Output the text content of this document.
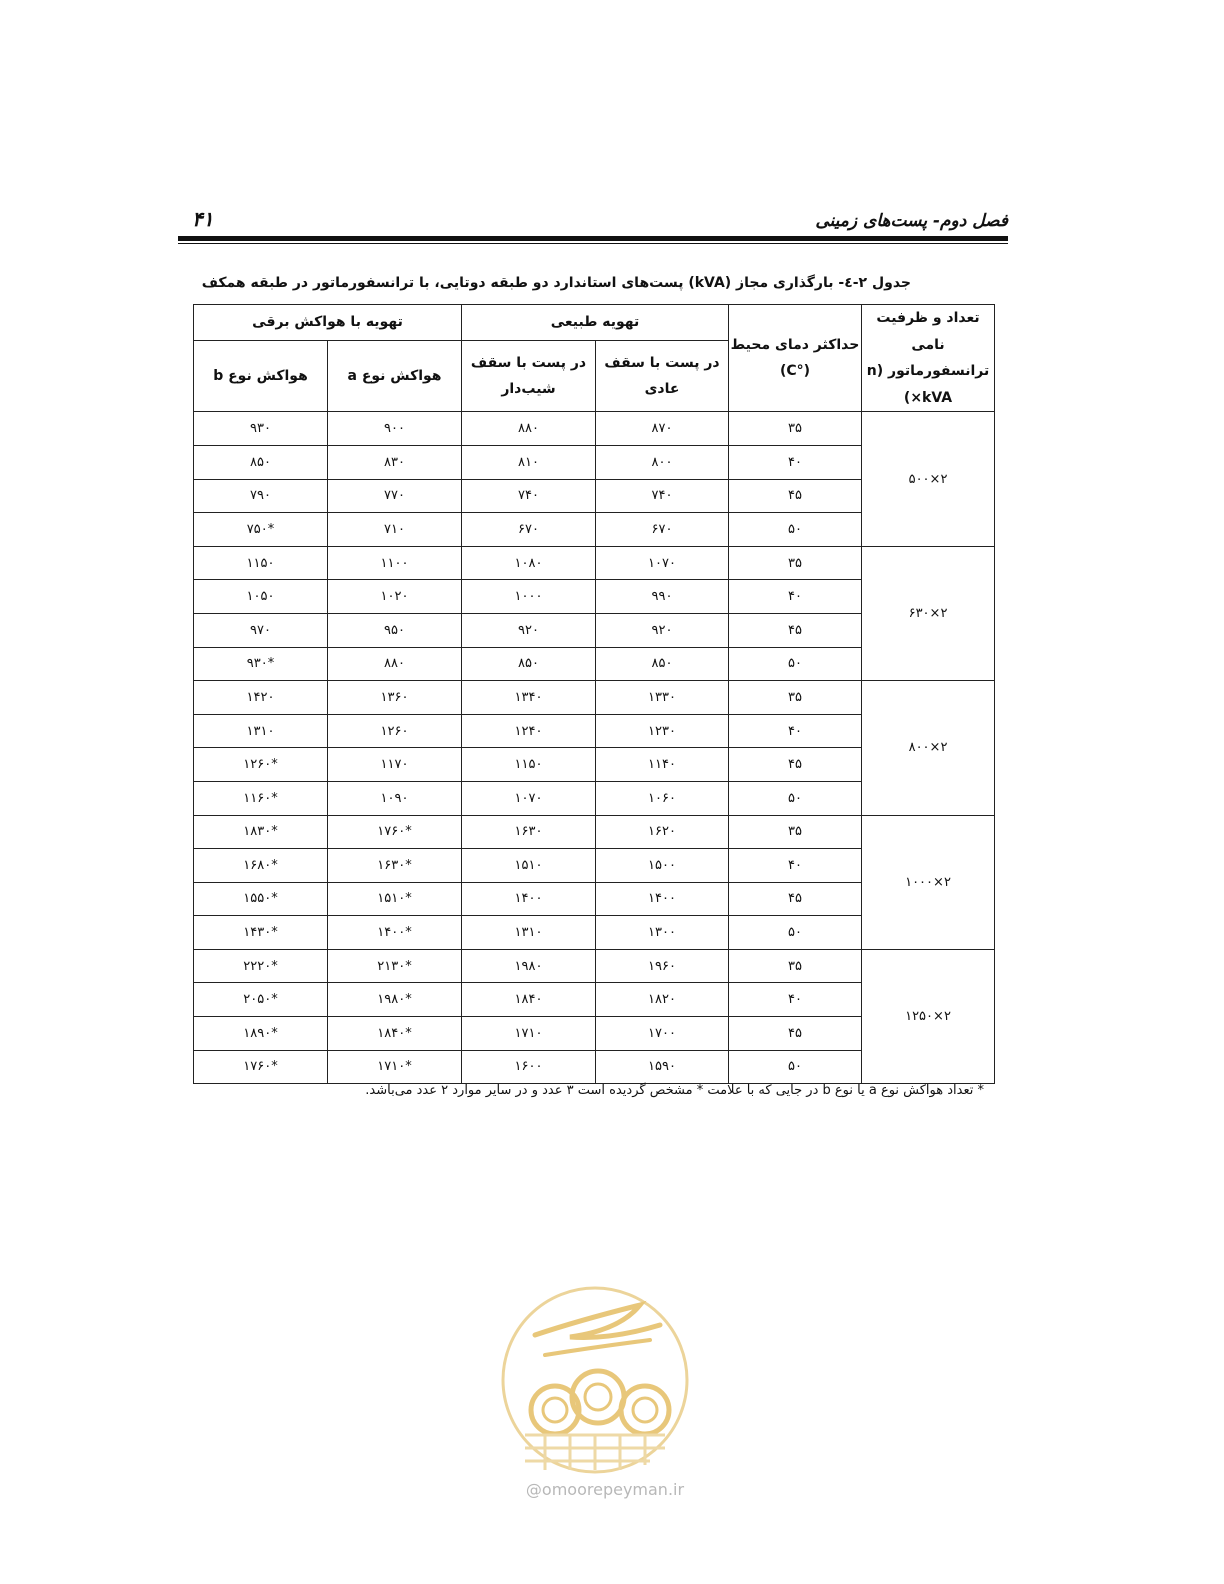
۴۱	فصل دوم- پست‌های زمینی
جدول ۲-٤- بارگذاری مجاز (kVA) پست‌های استاندارد دو طبقه دوتایی، با ترانسفورماتور در طبقه همکف
تعداد و ظرفیت نامی ترانسفورماتور (n ×kVA)	حداکثر دمای محیط (°C)	تهویه طبیعی		تهویه با هواکش برقی	
		در پست با سقف عادی	در پست با سقف شیب‌دار	هواکش نوع a	هواکش نوع b
۲×۵۰۰	۳۵	۸۷۰	۸۸۰	۹۰۰	۹۳۰
	۴۰	۸۰۰	۸۱۰	۸۳۰	۸۵۰
	۴۵	۷۴۰	۷۴۰	۷۷۰	۷۹۰
	۵۰	۶۷۰	۶۷۰	۷۱۰	*۷۵۰
۲×۶۳۰	۳۵	۱۰۷۰	۱۰۸۰	۱۱۰۰	۱۱۵۰
	۴۰	۹۹۰	۱۰۰۰	۱۰۲۰	۱۰۵۰
	۴۵	۹۲۰	۹۲۰	۹۵۰	۹۷۰
	۵۰	۸۵۰	۸۵۰	۸۸۰	*۹۳۰
۲×۸۰۰	۳۵	۱۳۳۰	۱۳۴۰	۱۳۶۰	۱۴۲۰
	۴۰	۱۲۳۰	۱۲۴۰	۱۲۶۰	۱۳۱۰
	۴۵	۱۱۴۰	۱۱۵۰	۱۱۷۰	*۱۲۶۰
	۵۰	۱۰۶۰	۱۰۷۰	۱۰۹۰	*۱۱۶۰
۲×۱۰۰۰	۳۵	۱۶۲۰	۱۶۳۰	*۱۷۶۰	*۱۸۳۰
	۴۰	۱۵۰۰	۱۵۱۰	*۱۶۳۰	*۱۶۸۰
	۴۵	۱۴۰۰	۱۴۰۰	*۱۵۱۰	*۱۵۵۰
	۵۰	۱۳۰۰	۱۳۱۰	*۱۴۰۰	*۱۴۳۰
۲×۱۲۵۰	۳۵	۱۹۶۰	۱۹۸۰	*۲۱۳۰	*۲۲۲۰
	۴۰	۱۸۲۰	۱۸۴۰	*۱۹۸۰	*۲۰۵۰
	۴۵	۱۷۰۰	۱۷۱۰	*۱۸۴۰	*۱۸۹۰
	۵۰	۱۵۹۰	۱۶۰۰	*۱۷۱۰	*۱۷۶۰
* تعداد هواکش نوع a یا نوع b در جایی که با علامت * مشخص گردیده است ۳ عدد و در سایر موارد ۲ عدد می‌باشد.
@omoorepeyman.ir
